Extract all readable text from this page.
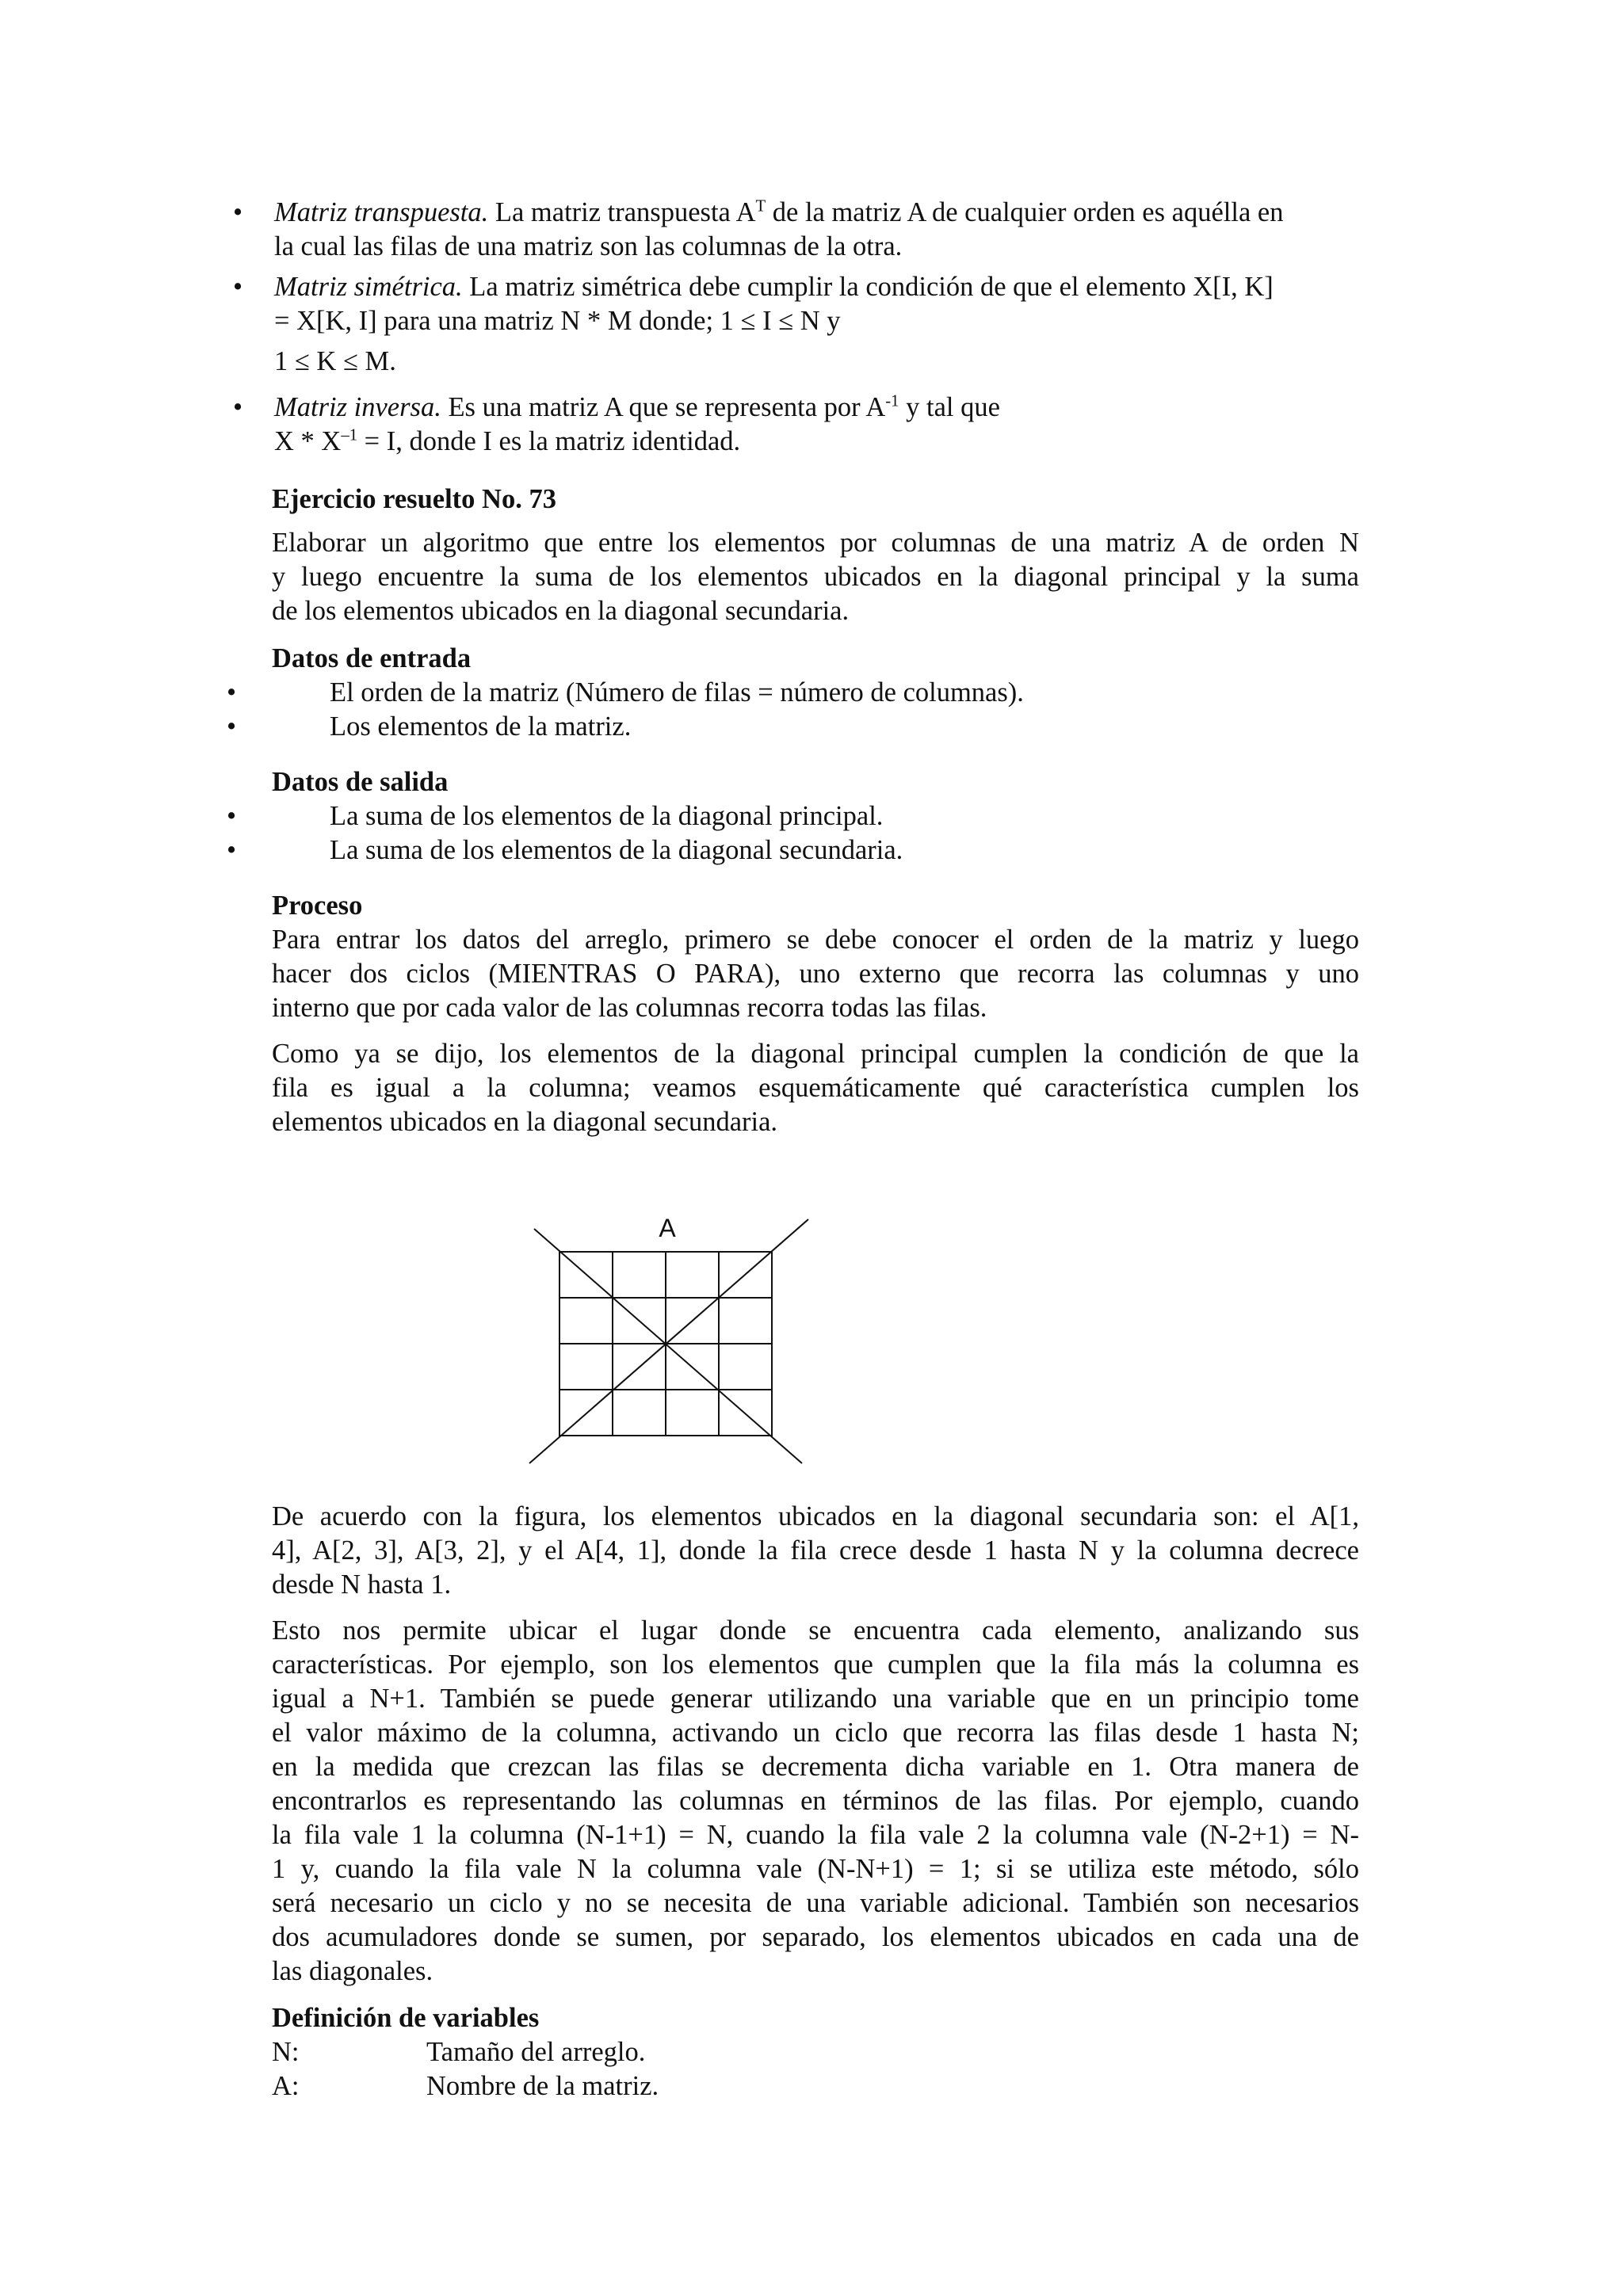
• Matriz transpuesta. La matriz transpuesta $A^T$ de la matriz A de cualquier orden es aquélla en

la cual las filas de una matriz son las columnas de la otra.

• Matriz simétrica. La matriz simétrica debe cumplir la condición de que el elemento X[I, K]

= X[K, I] para una matriz N * M donde; 1 ≤ I ≤ N y

1 ≤ K ≤ M.

• Matriz inversa. Es una matriz A que se representa por $A^{-1}$ y tal que

$X * X^{-1} = I$, donde I es la matriz identidad.

Ejercicio resuelto No. 73

Elaborar un algoritmo que entre los elementos por columnas de una matriz A de orden N

y luego encuentre la suma de los elementos ubicados en la diagonal principal y la suma

de los elementos ubicados en la diagonal secundaria.

Datos de entrada

•	El orden de la matriz (Número de filas = número de columnas).

•	Los elementos de la matriz.

Datos de salida

•	La suma de los elementos de la diagonal principal.

•	La suma de los elementos de la diagonal secundaria.

Proceso

Para entrar los datos del arreglo, primero se debe conocer el orden de la matriz y luego

hacer dos ciclos (MIENTRAS O PARA), uno externo que recorra las columnas y uno

interno que por cada valor de las columnas recorra todas las filas.

Como ya se dijo, los elementos de la diagonal principal cumplen la condición de que la

fila es igual a la columna; veamos esquemáticamente qué característica cumplen los

elementos ubicados en la diagonal secundaria.

A

De acuerdo con la figura, los elementos ubicados en la diagonal secundaria son: el A[1,

4], A[2, 3], A[3, 2], y el A[4, 1], donde la fila crece desde 1 hasta N y la columna decrece

desde N hasta 1.

Esto nos permite ubicar el lugar donde se encuentra cada elemento, analizando sus

características. Por ejemplo, son los elementos que cumplen que la fila más la columna es

igual a N+1. También se puede generar utilizando una variable que en un principio tome

el valor máximo de la columna, activando un ciclo que recorra las filas desde 1 hasta N;

en la medida que crezcan las filas se decrementa dicha variable en 1. Otra manera de

encontrarlos es representando las columnas en términos de las filas. Por ejemplo, cuando

la fila vale 1 la columna (N-1+1) = N, cuando la fila vale 2 la columna vale (N-2+1) = N-

1 y, cuando la fila vale N la columna vale (N-N+1) = 1; si se utiliza este método, sólo

será necesario un ciclo y no se necesita de una variable adicional. También son necesarios

dos acumuladores donde se sumen, por separado, los elementos ubicados en cada una de

las diagonales.

Definición de variables

N:	Tamaño del arreglo.

A:	Nombre de la matriz.
